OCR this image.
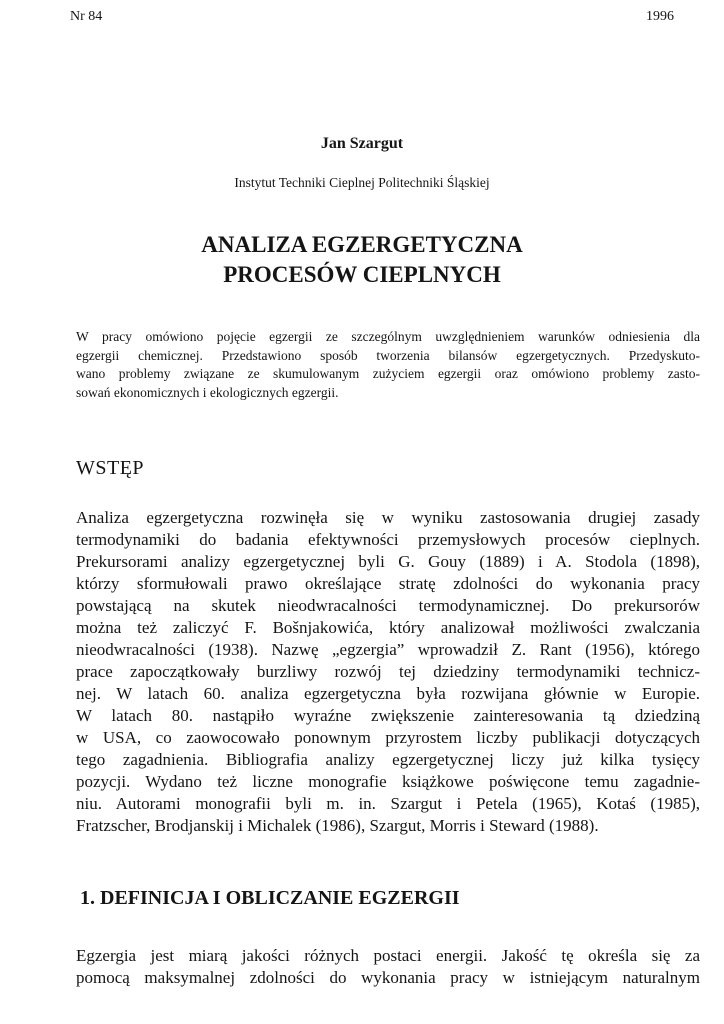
Nr 84	1996
Jan Szargut
Instytut Techniki Cieplnej Politechniki Śląskiej
ANALIZA EGZERGETYCZNA
PROCESÓW CIEPLNYCH
W pracy omówiono pojęcie egzergii ze szczególnym uwzględnieniem warunków odniesienia dla
egzergii chemicznej. Przedstawiono sposób tworzenia bilansów egzergetycznych. Przedyskuto-
wano problemy związane ze skumulowanym zużyciem egzergii oraz omówiono problemy zasto-
sowań ekonomicznych i ekologicznych egzergii.
WSTĘP
Analiza egzergetyczna rozwinęła się w wyniku zastosowania drugiej zasady
termodynamiki do badania efektywności przemysłowych procesów cieplnych.
Prekursorami analizy egzergetycznej byli G. Gouy (1889) i A. Stodola (1898),
którzy sformułowali prawo określające stratę zdolności do wykonania pracy
powstającą na skutek nieodwracalności termodynamicznej. Do prekursorów
można też zaliczyć F. Bošnjakowića, który analizował możliwości zwalczania
nieodwracalności (1938). Nazwę „egzergia” wprowadził Z. Rant (1956), którego
prace zapoczątkowały burzliwy rozwój tej dziedziny termodynamiki technicz-
nej. W latach 60. analiza egzergetyczna była rozwijana głównie w Europie.
W latach 80. nastąpiło wyraźne zwiększenie zainteresowania tą dziedziną
w USA, co zaowocowało ponownym przyrostem liczby publikacji dotyczących
tego zagadnienia. Bibliografia analizy egzergetycznej liczy już kilka tysięcy
pozycji. Wydano też liczne monografie książkowe poświęcone temu zagadnie-
niu. Autorami monografii byli m. in. Szargut i Petela (1965), Kotaś (1985),
Fratzscher, Brodjanskij i Michalek (1986), Szargut, Morris i Steward (1988).
1. DEFINICJA I OBLICZANIE EGZERGII
Egzergia jest miarą jakości różnych postaci energii. Jakość tę określa się za
pomocą maksymalnej zdolności do wykonania pracy w istniejącym naturalnym
